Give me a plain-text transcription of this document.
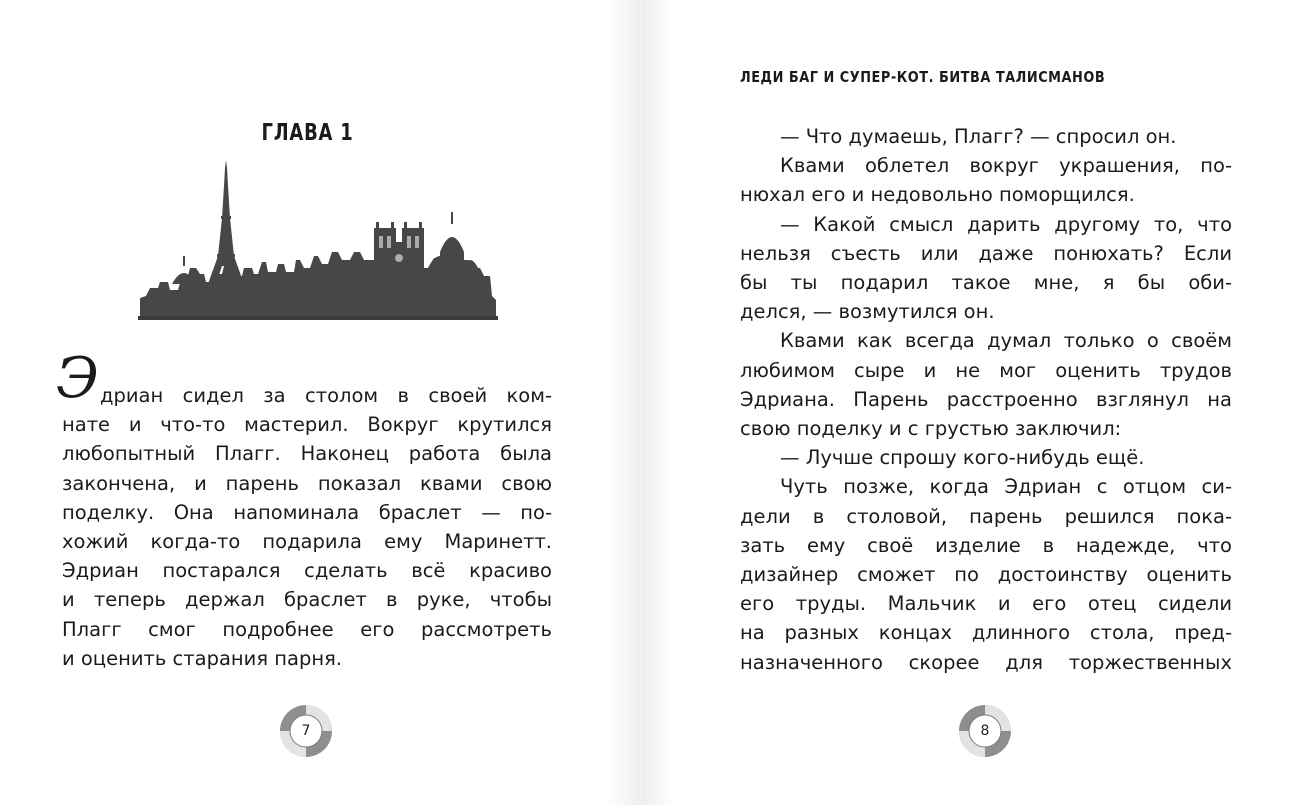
ГЛАВА 1
Э дриан сидел за столом в своей ком-
нате и что-то мастерил. Вокруг крутился
любопытный Плагг. Наконец работа была
закончена, и парень показал квами свою
поделку. Она напоминала браслет — по-
хожий когда-то подарила ему Маринетт.
Эдриан постарался сделать всё красиво
и теперь держал браслет в руке, чтобы
Плагг смог подробнее его рассмотреть
и оценить старания парня.
7
ЛЕДИ БАГ И СУПЕР-КОТ. БИТВА ТАЛИСМАНОВ
— Что думаешь, Плагг? — спросил он.
Квами облетел вокруг украшения, по-
нюхал его и недовольно поморщился.
— Какой смысл дарить другому то, что
нельзя съесть или даже понюхать? Если
бы ты подарил такое мне, я бы оби-
делся, — возмутился он.
Квами как всегда думал только о своём
любимом сыре и не мог оценить трудов
Эдриана. Парень расстроенно взглянул на
свою поделку и с грустью заключил:
— Лучше спрошу кого-нибудь ещё.
Чуть позже, когда Эдриан с отцом си-
дели в столовой, парень решился пока-
зать ему своё изделие в надежде, что
дизайнер сможет по достоинству оценить
его труды. Мальчик и его отец сидели
на разных концах длинного стола, пред-
назначенного скорее для торжественных
8
